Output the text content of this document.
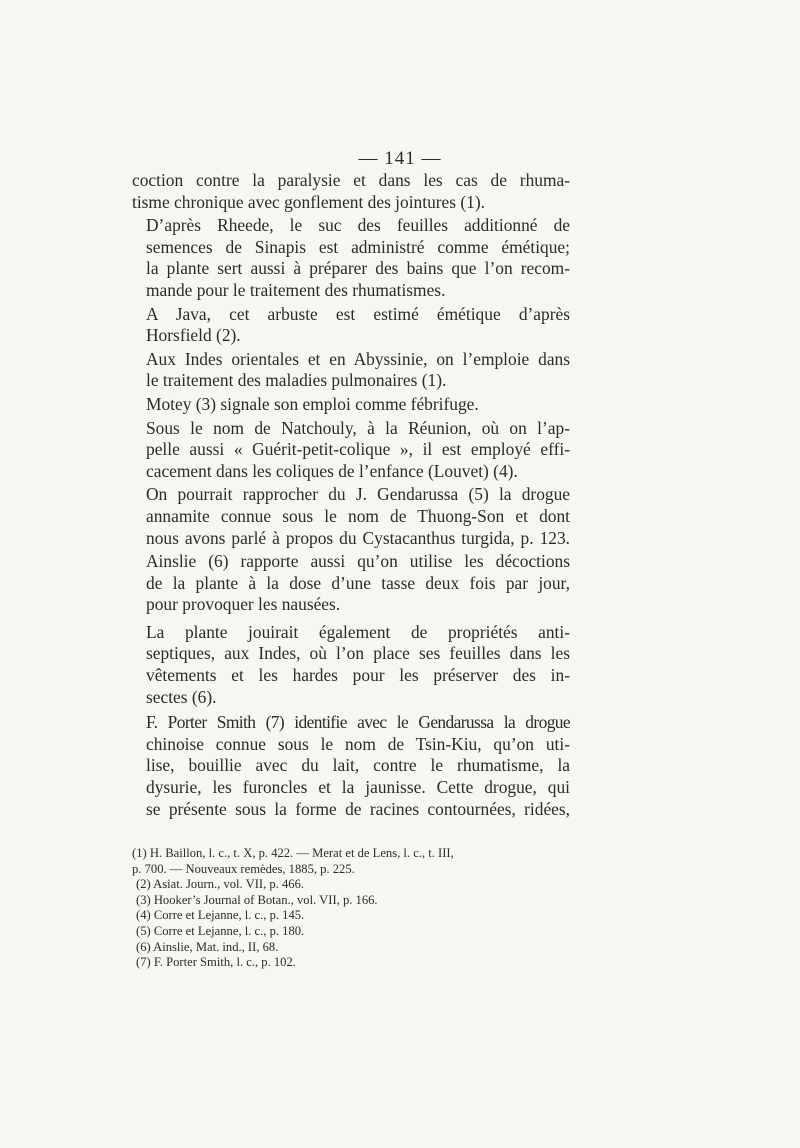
— 141 —

coction contre la paralysie et dans les cas de rhuma-
tisme chronique avec gonflement des jointures (1).

D’après Rheede, le suc des feuilles additionné de
semences de Sinapis est administré comme émétique;
la plante sert aussi à préparer des bains que l’on recom-
mande pour le traitement des rhumatismes.

A Java, cet arbuste est estimé émétique d’après
Horsfield (2).

Aux Indes orientales et en Abyssinie, on l’emploie dans
le traitement des maladies pulmonaires (1).

Motey (3) signale son emploi comme fébrifuge.

Sous le nom de Natchouly, à la Réunion, où on l’ap-
pelle aussi « Guérit-petit-colique », il est employé effi-
cacement dans les coliques de l’enfance (Louvet) (4).

On pourrait rapprocher du J. Gendarussa (5) la drogue
annamite connue sous le nom de Thuong-Son et dont
nous avons parlé à propos du Cystacanthus turgida, p. 123.

Ainslie (6) rapporte aussi qu’on utilise les décoctions
de la plante à la dose d’une tasse deux fois par jour,
pour provoquer les nausées.

La plante jouirait également de propriétés anti-
septiques, aux Indes, où l’on place ses feuilles dans les
vêtements et les hardes pour les préserver des in-
sectes (6).

F. Porter Smith (7) identifie avec le Gendarussa la drogue
chinoise connue sous le nom de Tsin-Kiu, qu’on uti-
lise, bouillie avec du lait, contre le rhumatisme, la
dysurie, les furoncles et la jaunisse. Cette drogue, qui
se présente sous la forme de racines contournées, ridées,

(1) H. Baillon, l. c., t. X, p. 422. — Merat et de Lens, l. c., t. III,
p. 700. — Nouveaux remèdes, 1885, p. 225.
(2) Asiat. Journ., vol. VII, p. 466.
(3) Hooker’s Journal of Botan., vol. VII, p. 166.
(4) Corre et Lejanne, l. c., p. 145.
(5) Corre et Lejanne, l. c., p. 180.
(6) Ainslie, Mat. ind., II, 68.
(7) F. Porter Smith, l. c., p. 102.
